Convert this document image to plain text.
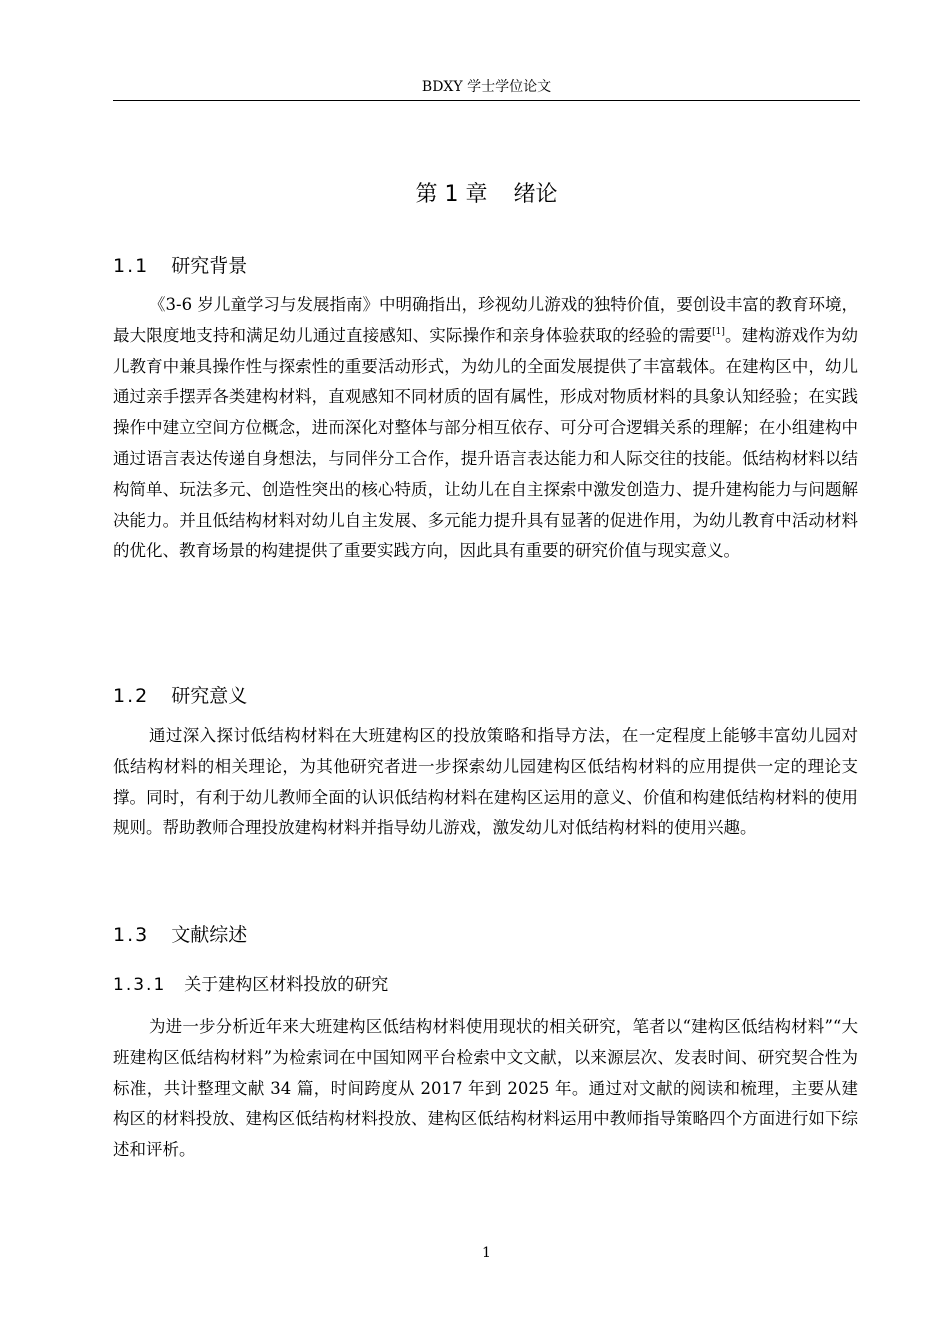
BDXY 学士学位论文
第 1 章 绪论
1.1 研究背景

《3-6 岁儿童学习与发展指南》中明确指出，珍视幼儿游戏的独特价值，要创设丰富的教育环境，最大限度地支持和满足幼儿通过直接感知、实际操作和亲身体验获取的经验的需要[1]。建构游戏作为幼儿教育中兼具操作性与探索性的重要活动形式，为幼儿的全面发展提供了丰富载体。在建构区中，幼儿通过亲手摆弄各类建构材料，直观感知不同材质的固有属性，形成对物质材料的具象认知经验；在实践操作中建立空间方位概念，进而深化对整体与部分相互依存、可分可合逻辑关系的理解；在小组建构中通过语言表达传递自身想法，与同伴分工合作，提升语言表达能力和人际交往的技能。低结构材料以结构简单、玩法多元、创造性突出的核心特质，让幼儿在自主探索中激发创造力、提升建构能力与问题解决能力。并且低结构材料对幼儿自主发展、多元能力提升具有显著的促进作用，为幼儿教育中活动材料的优化、教育场景的构建提供了重要实践方向，因此具有重要的研究价值与现实意义。

1.2 研究意义

通过深入探讨低结构材料在大班建构区的投放策略和指导方法，在一定程度上能够丰富幼儿园对低结构材料的相关理论，为其他研究者进一步探索幼儿园建构区低结构材料的应用提供一定的理论支撑。同时，有利于幼儿教师全面的认识低结构材料在建构区运用的意义、价值和构建低结构材料的使用规则。帮助教师合理投放建构材料并指导幼儿游戏，激发幼儿对低结构材料的使用兴趣。

1.3 文献综述
1.3.1 关于建构区材料投放的研究

为进一步分析近年来大班建构区低结构材料使用现状的相关研究，笔者以“建构区低结构材料”“大班建构区低结构材料”为检索词在中国知网平台检索中文文献，以来源层次、发表时间、研究契合性为标准，共计整理文献 34 篇，时间跨度从 2017 年到 2025 年。通过对文献的阅读和梳理，主要从建构区的材料投放、建构区低结构材料投放、建构区低结构材料运用中教师指导策略四个方面进行如下综述和评析。

1
